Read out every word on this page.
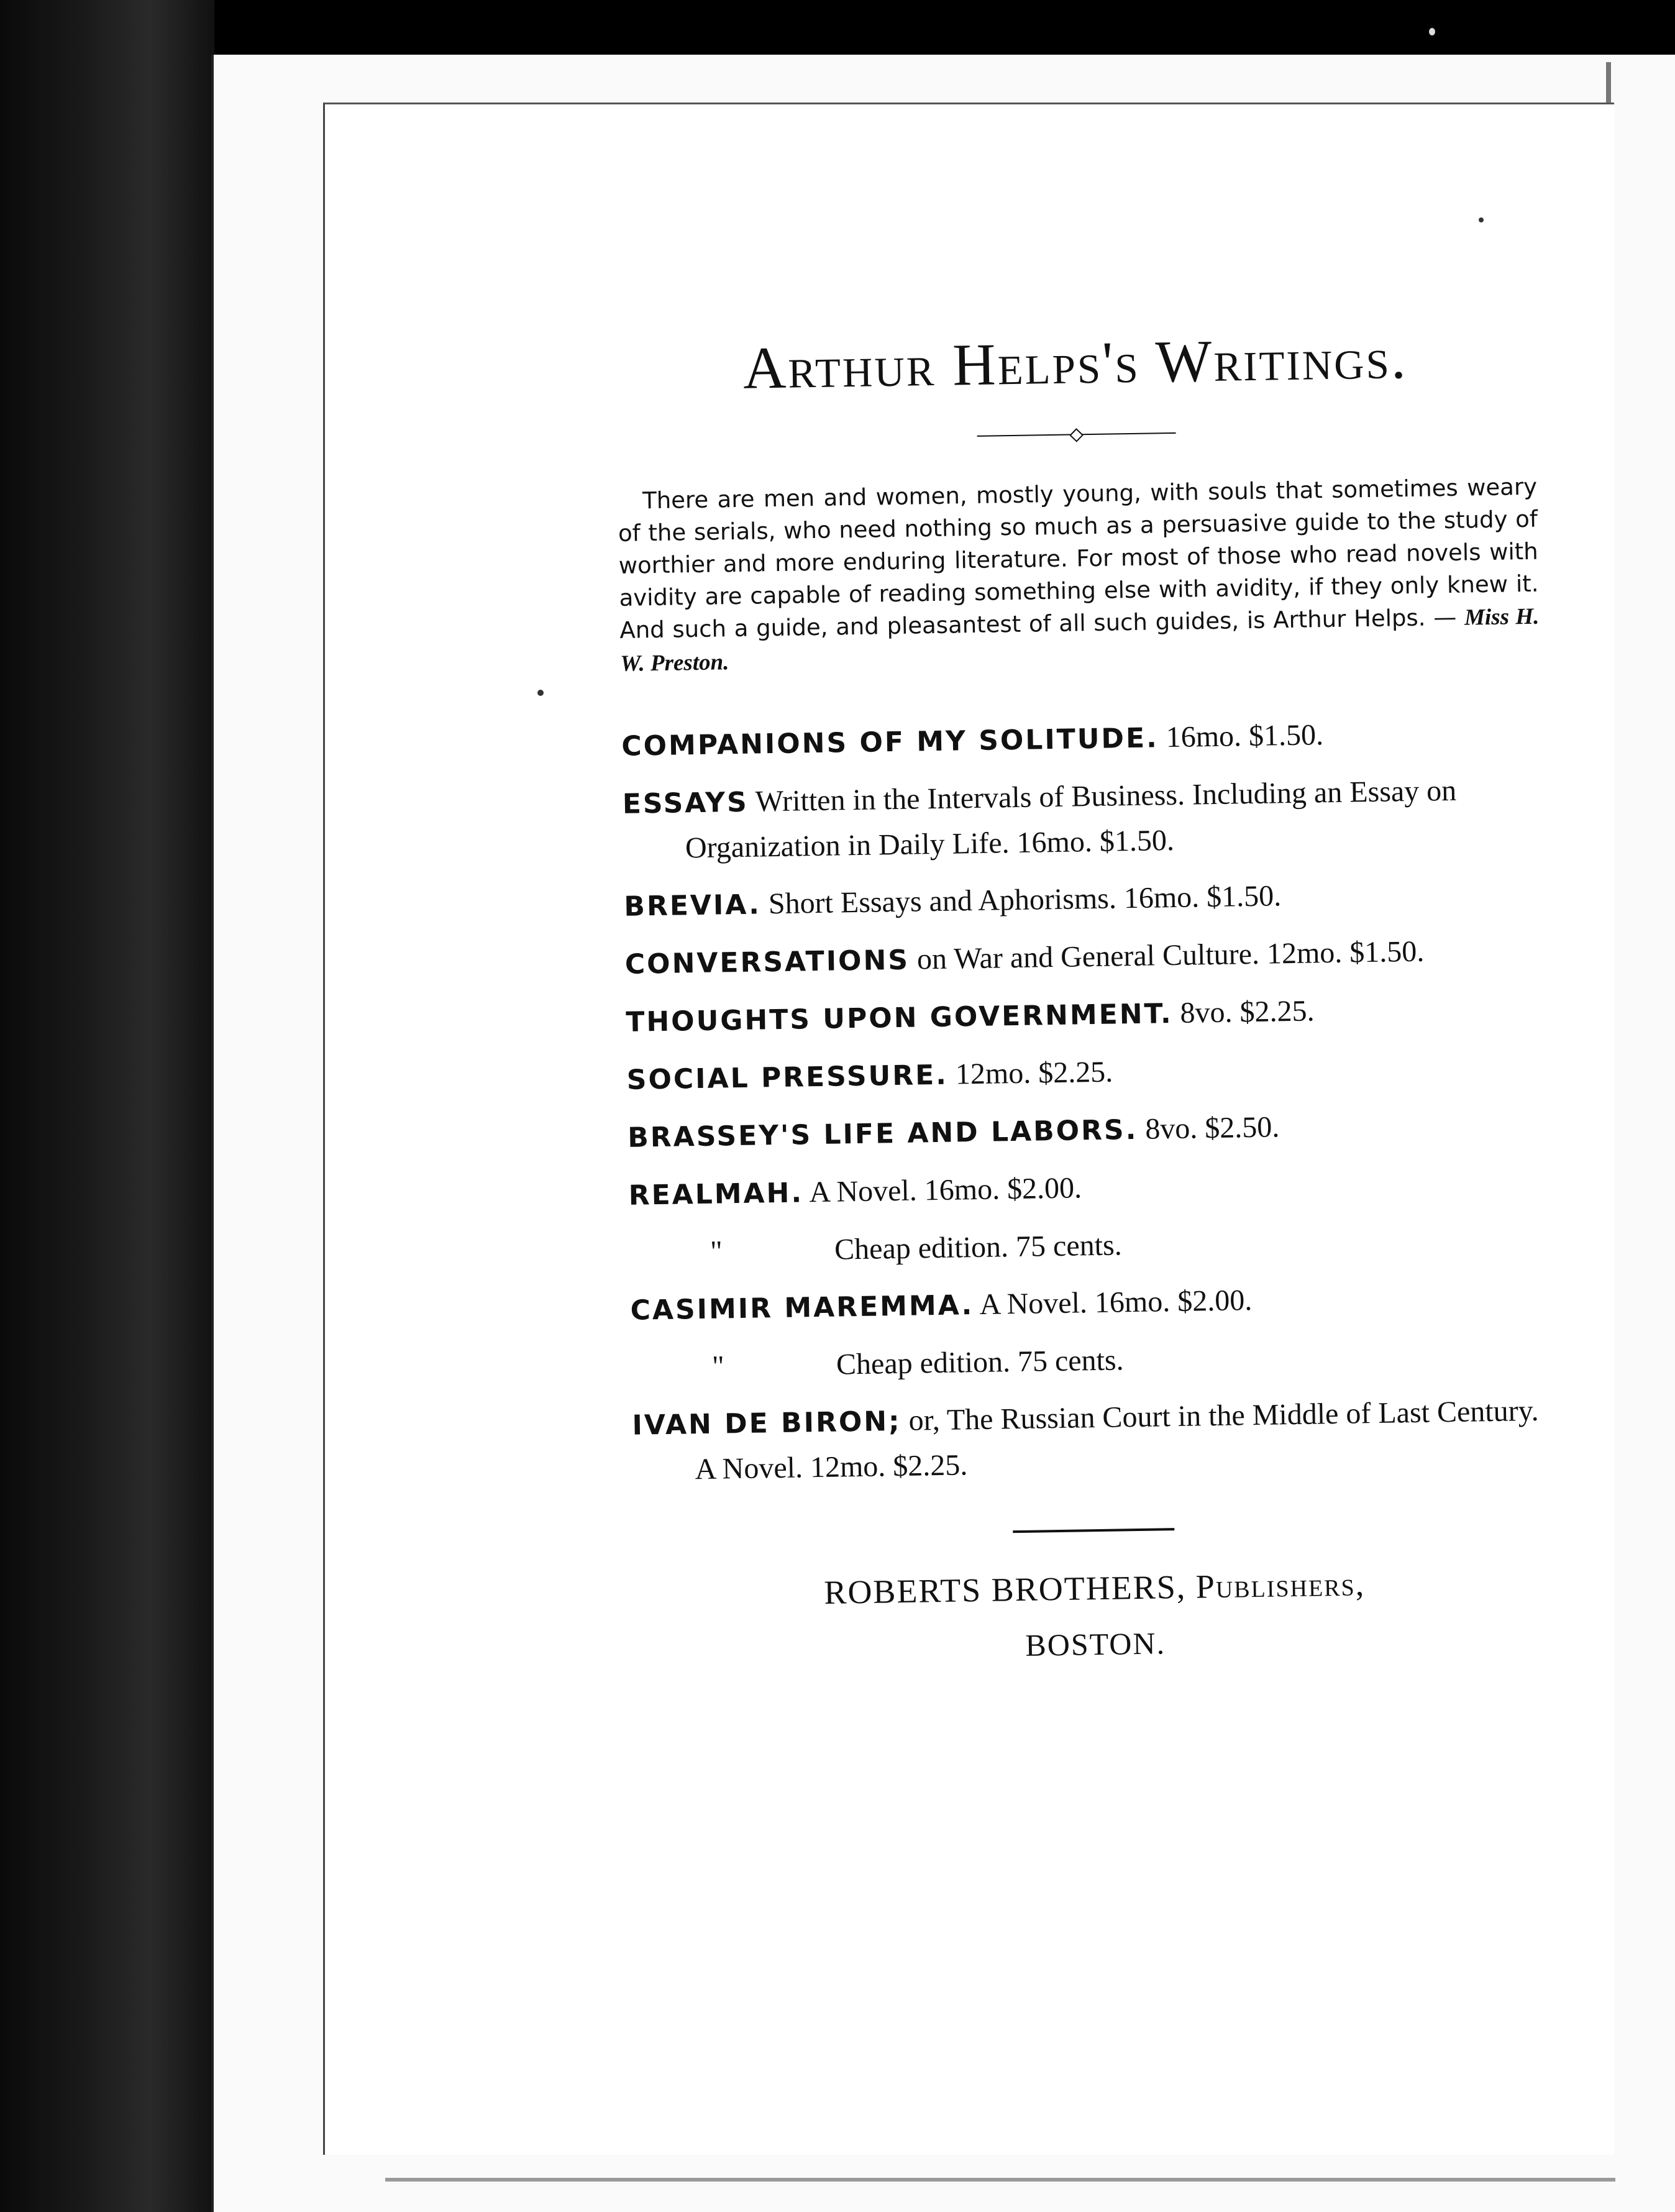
Arthur Helps's Writings.

There are men and women, mostly young, with souls that sometimes weary of the serials, who need nothing so much as a persuasive guide to the study of worthier and more enduring literature. For most of those who read novels with avidity are capable of reading something else with avidity, if they only knew it. And such a guide, and pleasantest of all such guides, is Arthur Helps. — Miss H. W. Preston.

COMPANIONS OF MY SOLITUDE. 16mo. $1.50.
ESSAYS Written in the Intervals of Business. Including an Essay on Organization in Daily Life. 16mo. $1.50.
BREVIA. Short Essays and Aphorisms. 16mo. $1.50.
CONVERSATIONS on War and General Culture. 12mo. $1.50.
THOUGHTS UPON GOVERNMENT. 8vo. $2.25.
SOCIAL PRESSURE. 12mo. $2.25.
BRASSEY'S LIFE AND LABORS. 8vo. $2.50.
REALMAH. A Novel. 16mo. $2.00.
"	Cheap edition. 75 cents.
CASIMIR MAREMMA. A Novel. 16mo. $2.00.
"	Cheap edition. 75 cents.
IVAN DE BIRON; or, The Russian Court in the Middle of Last Century. A Novel. 12mo. $2.25.
ROBERTS BROTHERS, Publishers,
BOSTON.
